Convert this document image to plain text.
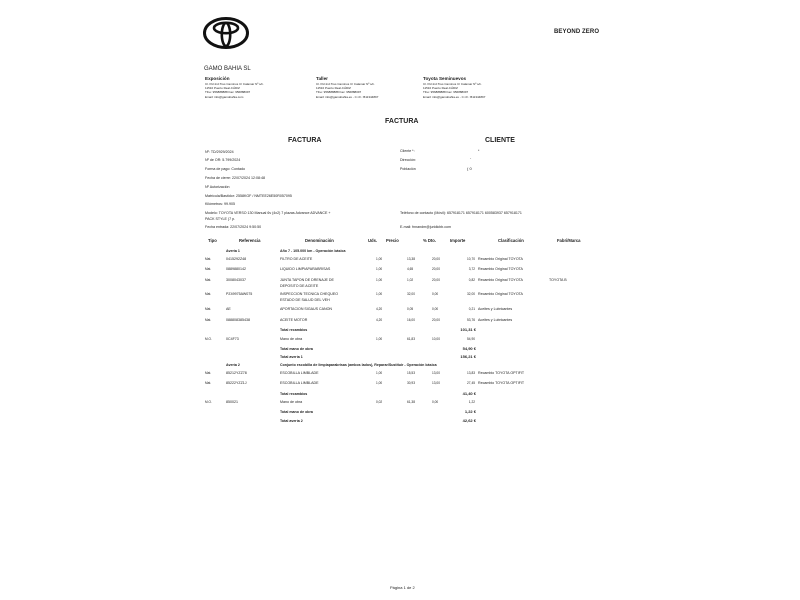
BEYOND ZERO
GAMO BAHIA SL
Exposición
Cl. Pol.Ind.Tres Caminos C/ Calamar Nº s/n.
11510 Puerto Real-CÁDIZ
Tfno: 956888888 Fax: 956888097
Email: info@gamobahia.com
Taller
Cl. Pol.Ind.Tres Caminos C/ Calamar Nº s/n.
11510 Puerto Real-CÁDIZ
Tfno: 956888888 Fax: 956888097
Email: info@gamobahia.es - C.I.F.: B11344897
Toyota Seminuevos
Cl. Pol.Ind.Tres Caminos C/ Calamar Nº s/n.
11510 Puerto Real-CÁDIZ
Tfno: 956888888 Fax: 956888097
Email: info@gamobahia.es - C.I.F.: B11344897
FACTURA
FACTURA	CLIENTE
Nº: TD/2929/2024
Nº de OR: 5.799/2024
Forma de pago: Contado
Fecha de cierre: 22/07/2024 12:08:48
Nº Autorización
Matrícula/Bastidor: 2558KGF / NMTEE26E50R057095
Kilómetros: 99.905
Modelo: TOYOTA VERSO 130 Manual 6v (4x2) 7 plazas Advance ADVANCE +
PACK STYLE (7 p.
Fecha entrada: 22/07/2024 9:50:50
Cliente *:	*
Dirección:	-
Población	( 0
Teléfono de contacto (Móvil): 657918171 657918171 600583937 657918171
E-mail: fnnandm@juridicbb.com
Tipo	Referencia	Denominación	Uds. Precio	% Dto.	Importe	Clasificación	Fabri/Marca
Avería 1	Año 7 - 105.000 km - Operación básica
Mat.	0415292Z48	FILTRO DE ACEITE	1,00	13,38	20,00	10,70 Recambio Original TOYOTA
Mat.	0889880142	LIQUIDO LIMPIAPARABRISAS	1,00	4,65	20,00	3,72 Recambio Original TOYOTA
Mat.	3008043037	JUNTA TAPON DE DRENAJE DE
DEPOSITO DE ACEITE
1,00	1,02	20,00	0,82 Recambio Original TOYOTA	TOYOTA B
Mat.	PZ49975AW075	INSPECCION TECNICA CHEQUEO
ESTADO DE SALUD DEL VEH
1,00	32,00	0,00	32,00 Recambio Original TOYOTA
Mat.	AE	APORTACION SIGAUS CANON	4,20	0,05	0,00	0,21 Aceites y Lubricantes
Mat.	088808385438	ACEITE MOTOR	4,20	16,00	20,00	53,76 Aceites y Lubricantes
Total recambios	101,31 €
M.O.	0C4F73	Mano de obra	1,00	61,83	10,00	54,90
Total mano de obra	54,90 €
Total avería 1	156,21 €
Avería 2	Conjunto escobilla de limpiaparabrisas (ambos lados), Reparar/Sustituir - Operación básica
Mat.	85212YZZ78	ESCOBILLA LIMBLADE	1,00	15,53	13,00	13,83 Recambio TOYOTA OPTIFIT
Mat.	85222YZZ1J	ESCOBILLA LIMBLADE	1,00	30,93	13,00	27,45 Recambio TOYOTA OPTIFIT
Total recambios	41,40 €
M.O.	850021	Mano de obra	0,02	61,38	0,00	1,22
Total mano de obra	1,22 €
Total avería 2	42,62 €
Página 1 de 2
